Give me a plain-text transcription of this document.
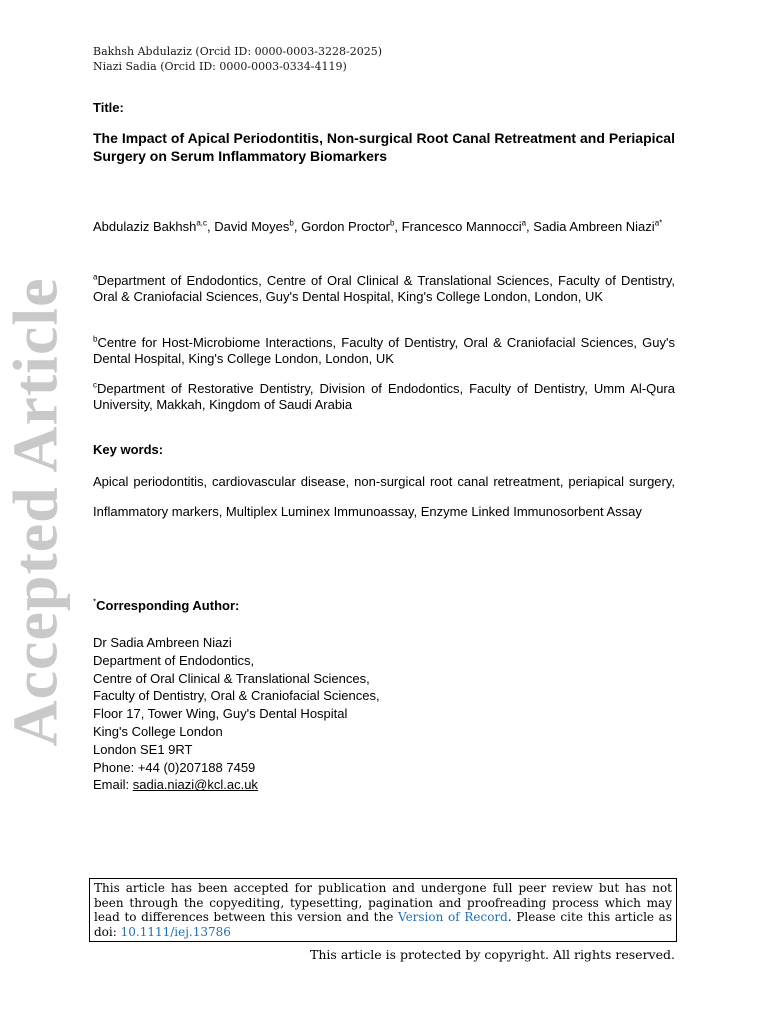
Accepted Article
Bakhsh Abdulaziz (Orcid ID: 0000-0003-3228-2025)
Niazi Sadia (Orcid ID: 0000-0003-0334-4119)
Title:
The Impact of Apical Periodontitis, Non-surgical Root Canal Retreatment and Periapical Surgery on Serum Inflammatory Biomarkers
Abdulaziz Bakhsh$^{a,c}$, David Moyes$^b$, Gordon Proctor$^b$, Francesco Mannocci$^a$, Sadia Ambreen Niazi$^{a*}$
$^a$Department of Endodontics, Centre of Oral Clinical & Translational Sciences, Faculty of Dentistry, Oral & Craniofacial Sciences, Guy's Dental Hospital, King's College London, London, UK
$^b$Centre for Host-Microbiome Interactions, Faculty of Dentistry, Oral & Craniofacial Sciences, Guy's Dental Hospital, King's College London, London, UK
$^c$Department of Restorative Dentistry, Division of Endodontics, Faculty of Dentistry, Umm Al-Qura University, Makkah, Kingdom of Saudi Arabia
Key words:
Apical periodontitis, cardiovascular disease, non-surgical root canal retreatment, periapical surgery, Inflammatory markers, Multiplex Luminex Immunoassay, Enzyme Linked Immunosorbent Assay
*Corresponding Author:
Dr Sadia Ambreen Niazi
Department of Endodontics,
Centre of Oral Clinical & Translational Sciences,
Faculty of Dentistry, Oral & Craniofacial Sciences,
Floor 17, Tower Wing, Guy's Dental Hospital
King's College London
London SE1 9RT
Phone: +44 (0)207188 7459
Email: sadia.niazi@kcl.ac.uk
This article has been accepted for publication and undergone full peer review but has not been through the copyediting, typesetting, pagination and proofreading process which may lead to differences between this version and the Version of Record. Please cite this article as doi: 10.1111/iej.13786
This article is protected by copyright. All rights reserved.
